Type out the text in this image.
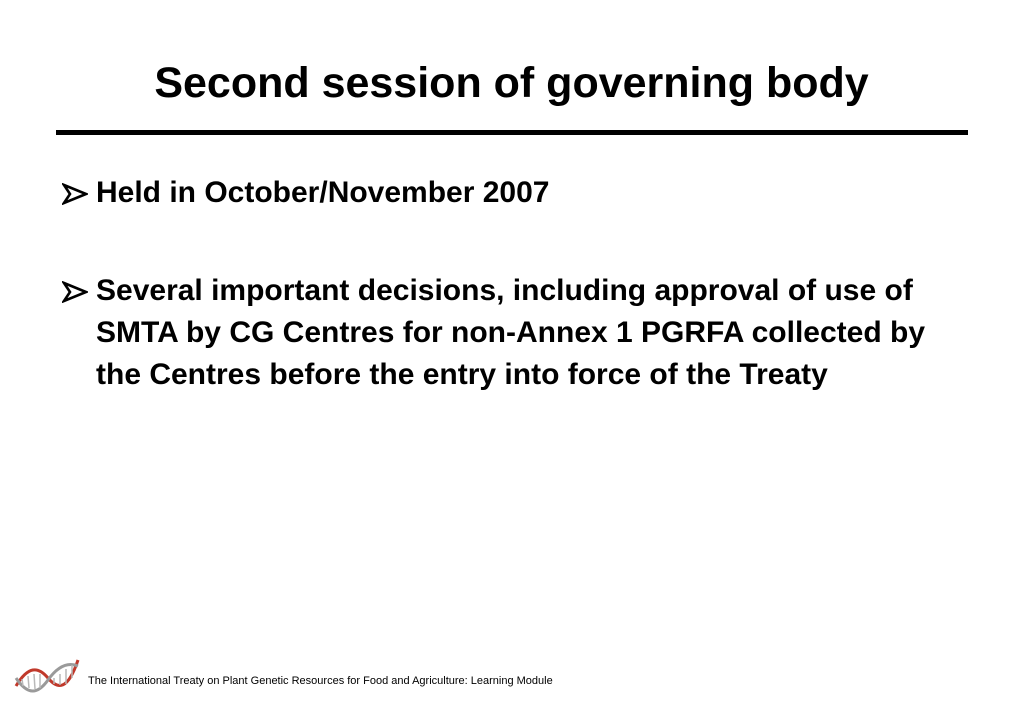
Second session of governing body
Held in October/November 2007
Several important decisions, including approval of use of SMTA by CG Centres for non-Annex 1 PGRFA collected by the Centres before the entry into force of the Treaty
The International Treaty on Plant Genetic Resources for Food and Agriculture: Learning Module
